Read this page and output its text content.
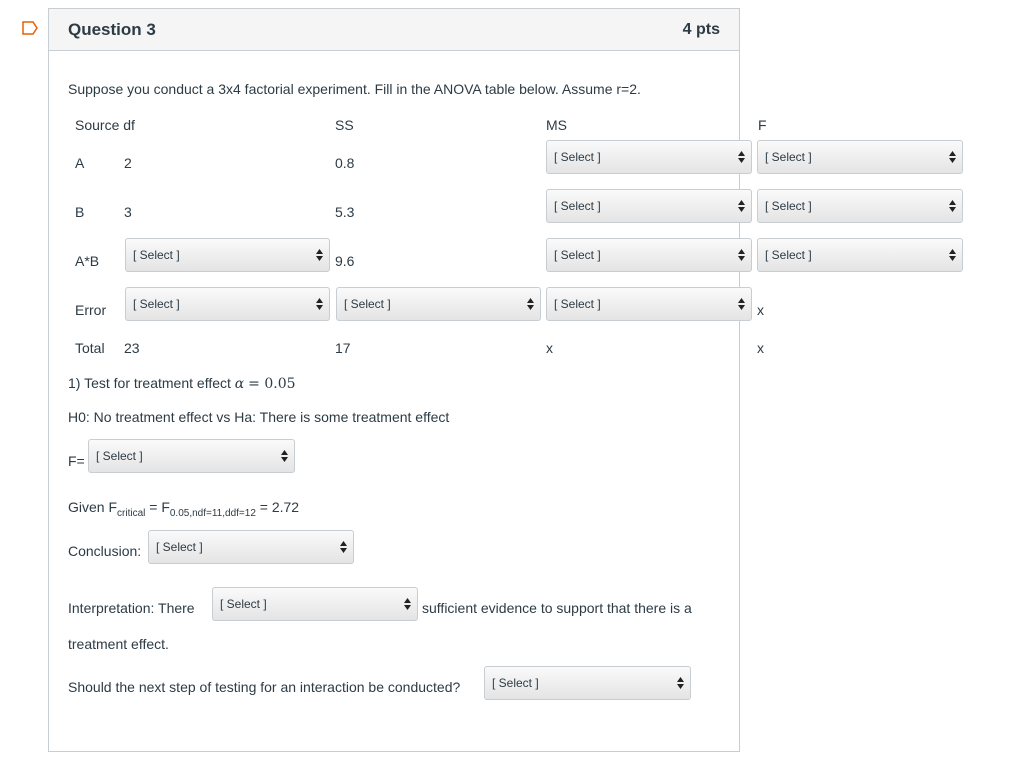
Question 3	4 pts
Suppose you conduct a 3x4 factorial experiment. Fill in the ANOVA table below. Assume r=2.
Source df	SS	MS	F
A	2	0.8	[ Select ]	[ Select ]
B	3	5.3	[ Select ]	[ Select ]
A*B	[ Select ]	9.6	[ Select ]	[ Select ]
Error [ Select ]	[ Select ]	[ Select ]	x
Total 23	17	x	x
1) Test for treatment effect α = 0.05
H0: No treatment effect vs Ha: There is some treatment effect
F= [ Select ]
Given $F_{critical} = F_{0.05,ndf=11,ddf=12} = 2.72$
Conclusion: [ Select ]
Interpretation: There [ Select ]	sufficient evidence to support that there is a
treatment effect.
Should the next step of testing for an interaction be conducted?	[ Select ]
